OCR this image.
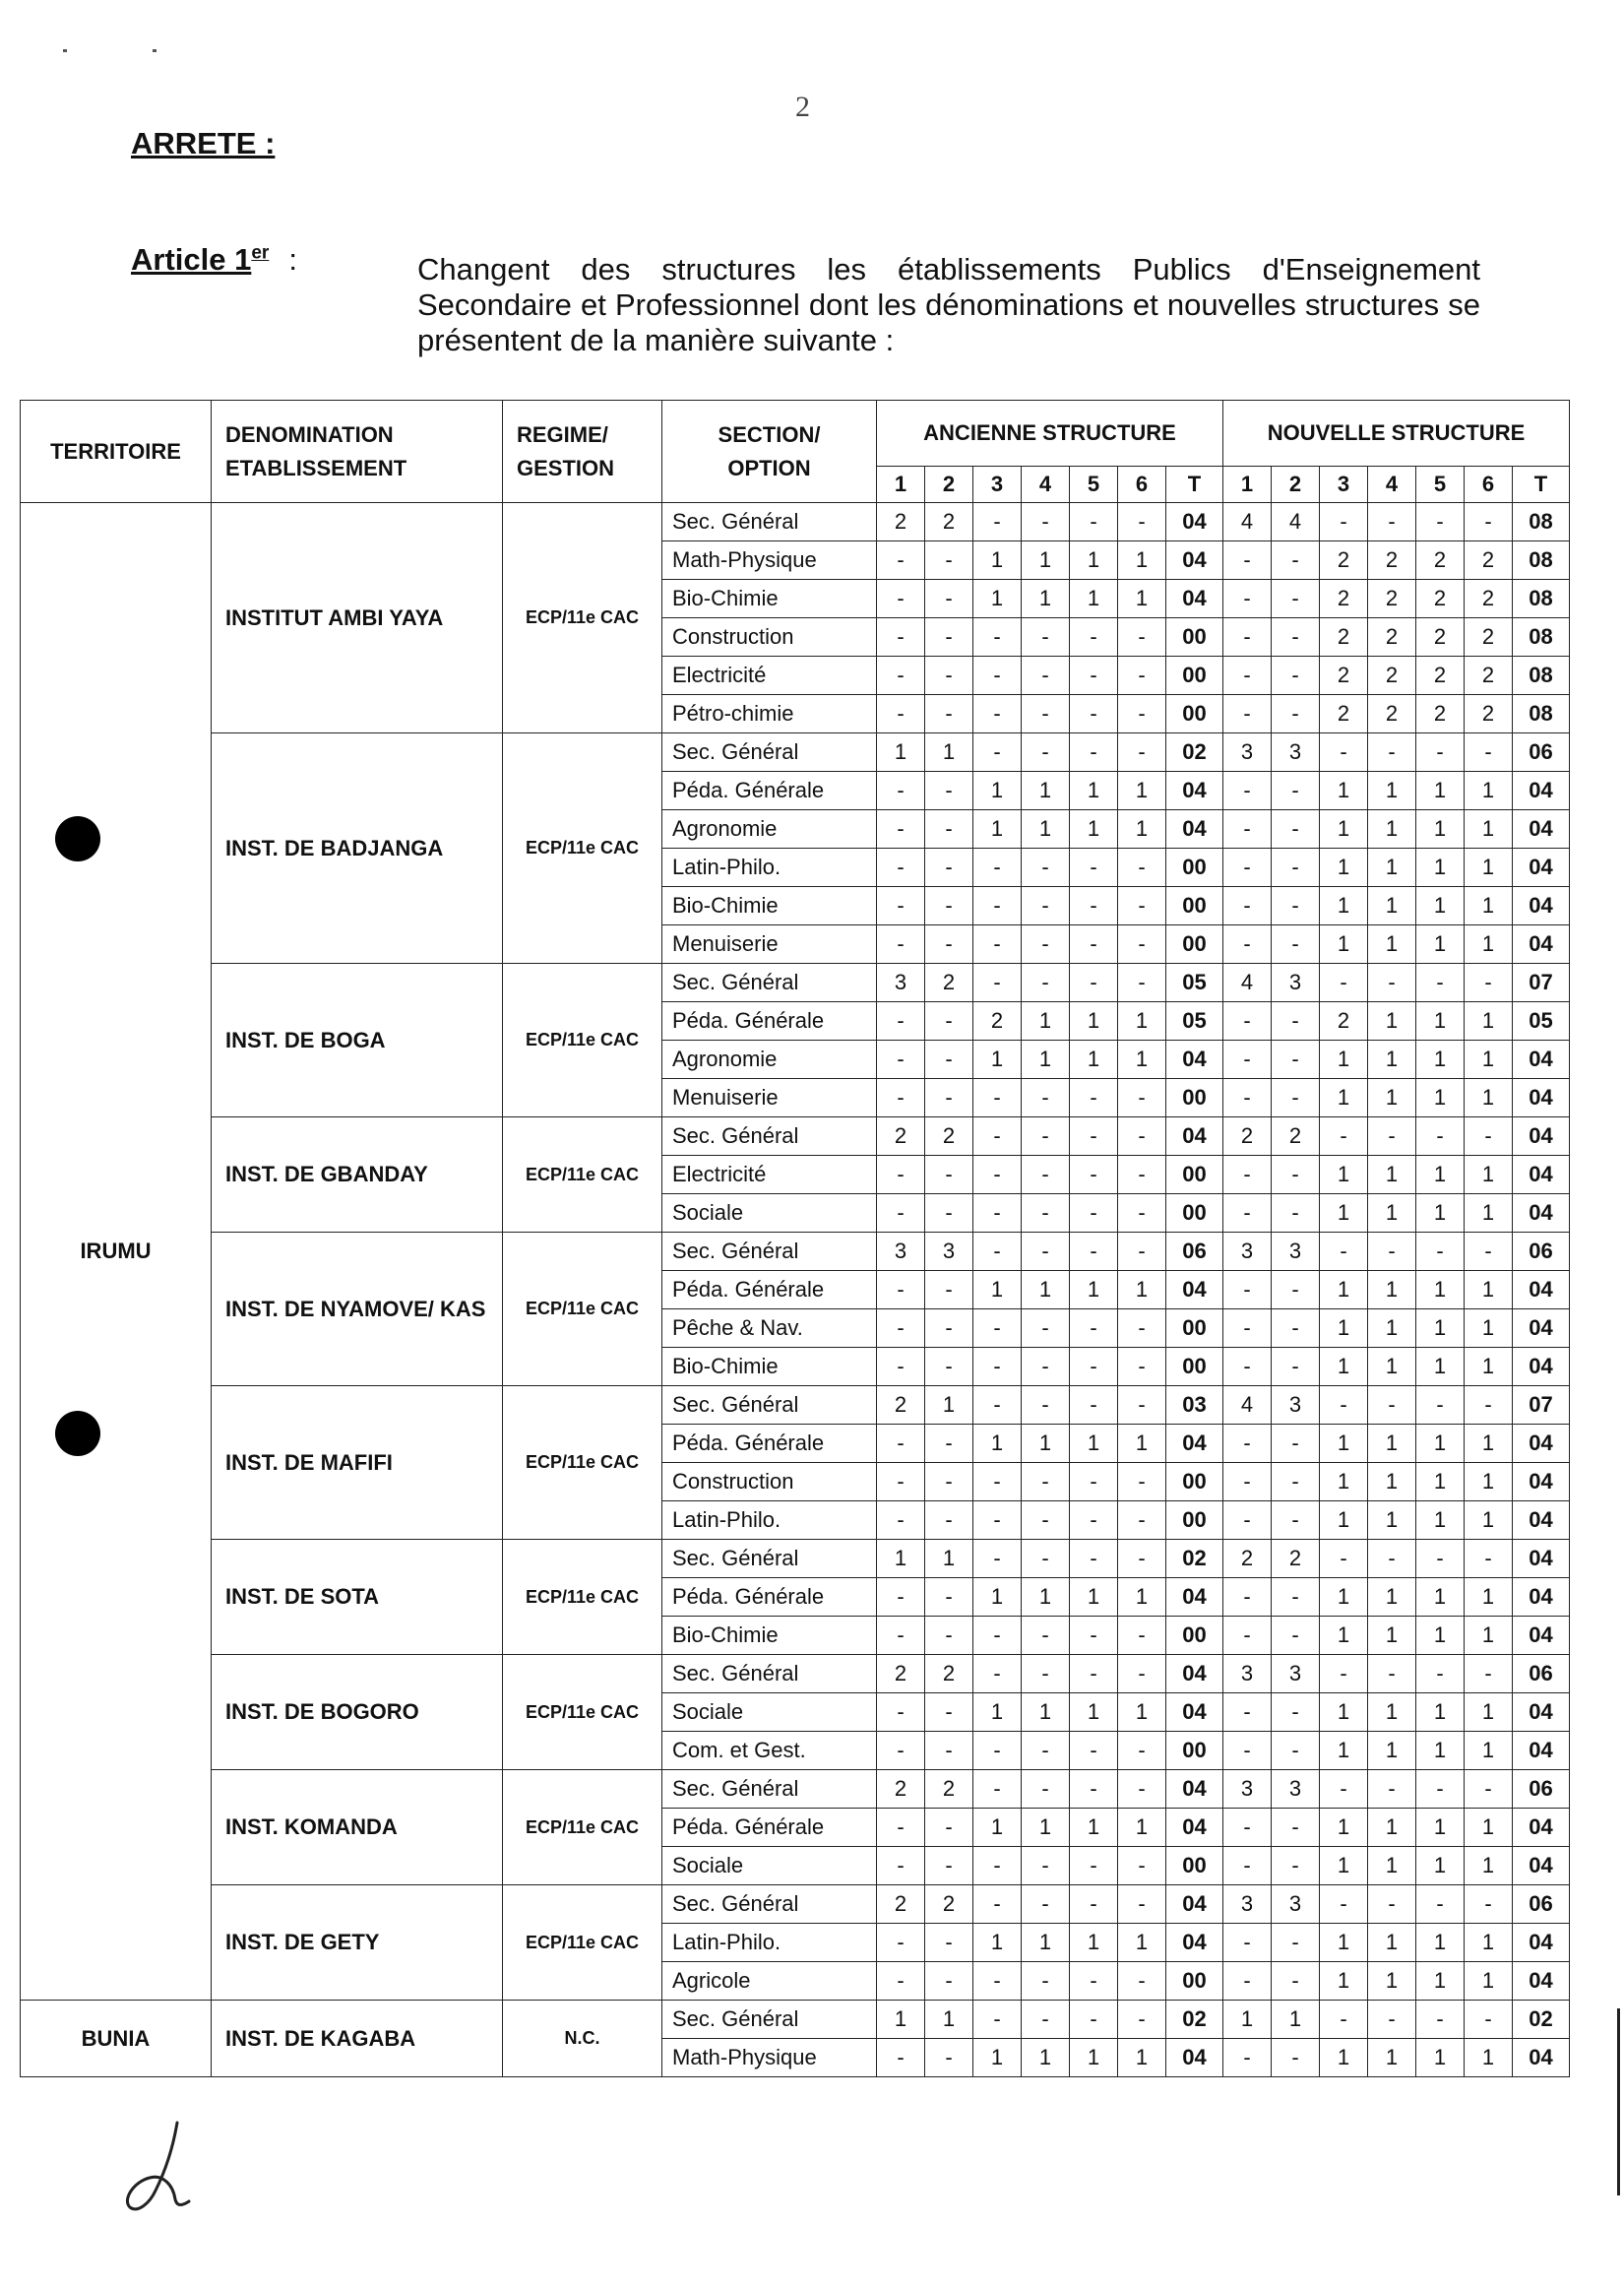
2
ARRETE :
Article 1er :	Changent des structures les établissements Publics d'Enseignement Secondaire et Professionnel dont les dénominations et nouvelles structures se présentent de la manière suivante :
TERRITOIRE	DENOMINATION ETABLISSEMENT	REGIME/ GESTION	SECTION/ OPTION	ANCIENNE STRUCTURE							NOUVELLE STRUCTURE						
				1	2	3	4	5	6	T	1	2	3	4	5	6	T
IRUMU	INSTITUT AMBI YAYA	ECP/11e CAC	Sec. Général	2	2	-	-	-	-	04	4	4	-	-	-	-	08
			Math-Physique	-	-	1	1	1	1	04	-	-	2	2	2	2	08
			Bio-Chimie	-	-	1	1	1	1	04	-	-	2	2	2	2	08
			Construction	-	-	-	-	-	-	00	-	-	2	2	2	2	08
			Electricité	-	-	-	-	-	-	00	-	-	2	2	2	2	08
			Pétro-chimie	-	-	-	-	-	-	00	-	-	2	2	2	2	08
	INST. DE BADJANGA	ECP/11e CAC	Sec. Général	1	1	-	-	-	-	02	3	3	-	-	-	-	06
			Péda. Générale	-	-	1	1	1	1	04	-	-	1	1	1	1	04
			Agronomie	-	-	1	1	1	1	04	-	-	1	1	1	1	04
			Latin-Philo.	-	-	-	-	-	-	00	-	-	1	1	1	1	04
			Bio-Chimie	-	-	-	-	-	-	00	-	-	1	1	1	1	04
			Menuiserie	-	-	-	-	-	-	00	-	-	1	1	1	1	04
	INST. DE BOGA	ECP/11e CAC	Sec. Général	3	2	-	-	-	-	05	4	3	-	-	-	-	07
			Péda. Générale	-	-	2	1	1	1	05	-	-	2	1	1	1	05
			Agronomie	-	-	1	1	1	1	04	-	-	1	1	1	1	04
			Menuiserie	-	-	-	-	-	-	00	-	-	1	1	1	1	04
	INST. DE GBANDAY	ECP/11e CAC	Sec. Général	2	2	-	-	-	-	04	2	2	-	-	-	-	04
			Electricité	-	-	-	-	-	-	00	-	-	1	1	1	1	04
			Sociale	-	-	-	-	-	-	00	-	-	1	1	1	1	04
	INST. DE NYAMOVE/ KAS	ECP/11e CAC	Sec. Général	3	3	-	-	-	-	06	3	3	-	-	-	-	06
			Péda. Générale	-	-	1	1	1	1	04	-	-	1	1	1	1	04
			Pêche & Nav.	-	-	-	-	-	-	00	-	-	1	1	1	1	04
			Bio-Chimie	-	-	-	-	-	-	00	-	-	1	1	1	1	04
	INST. DE MAFIFI	ECP/11e CAC	Sec. Général	2	1	-	-	-	-	03	4	3	-	-	-	-	07
			Péda. Générale	-	-	1	1	1	1	04	-	-	1	1	1	1	04
			Construction	-	-	-	-	-	-	00	-	-	1	1	1	1	04
			Latin-Philo.	-	-	-	-	-	-	00	-	-	1	1	1	1	04
	INST. DE SOTA	ECP/11e CAC	Sec. Général	1	1	-	-	-	-	02	2	2	-	-	-	-	04
			Péda. Générale	-	-	1	1	1	1	04	-	-	1	1	1	1	04
			Bio-Chimie	-	-	-	-	-	-	00	-	-	1	1	1	1	04
	INST. DE BOGORO	ECP/11e CAC	Sec. Général	2	2	-	-	-	-	04	3	3	-	-	-	-	06
			Sociale	-	-	1	1	1	1	04	-	-	1	1	1	1	04
			Com. et Gest.	-	-	-	-	-	-	00	-	-	1	1	1	1	04
	INST. KOMANDA	ECP/11e CAC	Sec. Général	2	2	-	-	-	-	04	3	3	-	-	-	-	06
			Péda. Générale	-	-	1	1	1	1	04	-	-	1	1	1	1	04
			Sociale	-	-	-	-	-	-	00	-	-	1	1	1	1	04
	INST. DE GETY	ECP/11e CAC	Sec. Général	2	2	-	-	-	-	04	3	3	-	-	-	-	06
			Latin-Philo.	-	-	1	1	1	1	04	-	-	1	1	1	1	04
			Agricole	-	-	-	-	-	-	00	-	-	1	1	1	1	04
BUNIA	INST. DE KAGABA	N.C.	Sec. Général	1	1	-	-	-	-	02	1	1	-	-	-	-	02
			Math-Physique	-	-	1	1	1	1	04	-	-	1	1	1	1	04
